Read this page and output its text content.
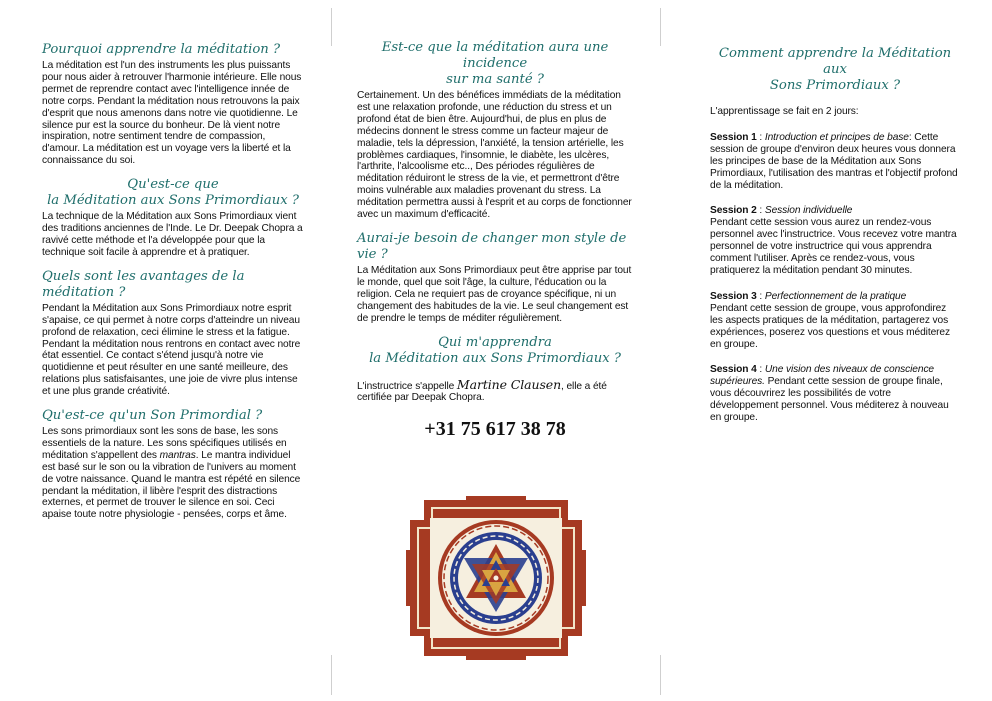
Pourquoi apprendre la méditation ?

La méditation est l'un des instruments les plus puissants pour nous aider à retrouver l'harmonie intérieure. Elle nous permet de reprendre contact avec l'intelligence innée de notre corps. Pendant la méditation nous retrouvons la paix d'esprit que nous amenons dans notre vie quotidienne. Le silence pur est la source du bonheur. De là vient notre inspiration, notre sentiment tendre de compassion, d'amour. La méditation est un voyage vers la liberté et la connaissance du soi.

Qu'est-ce que
la Méditation aux Sons Primordiaux ?

La technique de la Méditation aux Sons Primordiaux vient des traditions anciennes de l'Inde. Le Dr. Deepak Chopra a ravivé cette méthode et l'a développée pour que la technique soit facile à apprendre et à pratiquer.

Quels sont les avantages de la méditation ?

Pendant la Méditation aux Sons Primordiaux notre esprit s'apaise, ce qui permet à notre corps d'atteindre un niveau profond de relaxation, ceci élimine le stress et la fatigue. Pendant la méditation nous rentrons en contact avec notre état essentiel. Ce contact s'étend jusqu'à notre vie quotidienne et peut résulter en une santé meilleure, des relations plus satisfaisantes, une joie de vivre plus intense et une plus grande créativité.

Qu'est-ce qu'un Son Primordial ?

Les sons primordiaux sont les sons de base, les sons essentiels de la nature. Les sons spécifiques utilisés en méditation s'appellent des mantras. Le mantra individuel est basé sur le son ou la vibration de l'univers au moment de votre naissance. Quand le mantra est répété en silence pendant la méditation, il libère l'esprit des distractions externes, et permet de trouver le silence en soi. Ceci apaise toute notre physiologie - pensées, corps et âme.

Est-ce que la méditation aura une incidence
sur ma santé ?

Certainement. Un des bénéfices immédiats de la méditation est une relaxation profonde, une réduction du stress et un profond état de bien être. Aujourd'hui, de plus en plus de médecins donnent le stress comme un facteur majeur de maladie, tels la dépression, l'anxiété, la tension artérielle, les problèmes cardiaques, l'insomnie, le diabète, les ulcères, l'arthrite, l'alcoolisme etc.., Des périodes régulières de méditation réduiront le stress de la vie, et permettront d'être moins vulnérable aux maladies provenant du stress. La méditation permettra aussi à l'esprit et au corps de fonctionner avec un maximum d'efficacité.

Aurai-je besoin de changer mon style de vie ?

La Méditation aux Sons Primordiaux peut être apprise par tout le monde, quel que soit l'âge, la culture, l'éducation ou la religion. Cela ne requiert pas de croyance spécifique, ni un changement des habitudes de la vie. Le seul changement est de prendre le temps de méditer régulièrement.

Qui m'apprendra
la Méditation aux Sons Primordiaux ?

L'instructrice s'appelle Martine Clausen, elle a été certifiée par Deepak Chopra.

+31 75 617 38 78
Comment apprendre la Méditation aux
Sons Primordiaux ?

L'apprentissage se fait en 2 jours:

Session 1 : Introduction et principes de base: Cette session de groupe d'environ deux heures vous donnera les principes de base de la Méditation aux Sons Primordiaux, l'utilisation des mantras et l'objectif profond de la méditation.

Session 2 : Session individuelle
Pendant cette session vous aurez un rendez-vous personnel avec l'instructrice. Vous recevez votre mantra personnel de votre instructrice qui vous apprendra comment l'utiliser. Après ce rendez-vous, vous pratiquerez la méditation pendant 30 minutes.

Session 3 : Perfectionnement de la pratique
Pendant cette session de groupe, vous approfondirez les aspects pratiques de la méditation, partagerez vos expériences, poserez vos questions et vous méditerez en groupe.

Session 4 : Une vision des niveaux de conscience supérieures. Pendant cette session de groupe finale, vous découvrirez les possibilités de votre développement personnel. Vous méditerez à nouveau en groupe.
